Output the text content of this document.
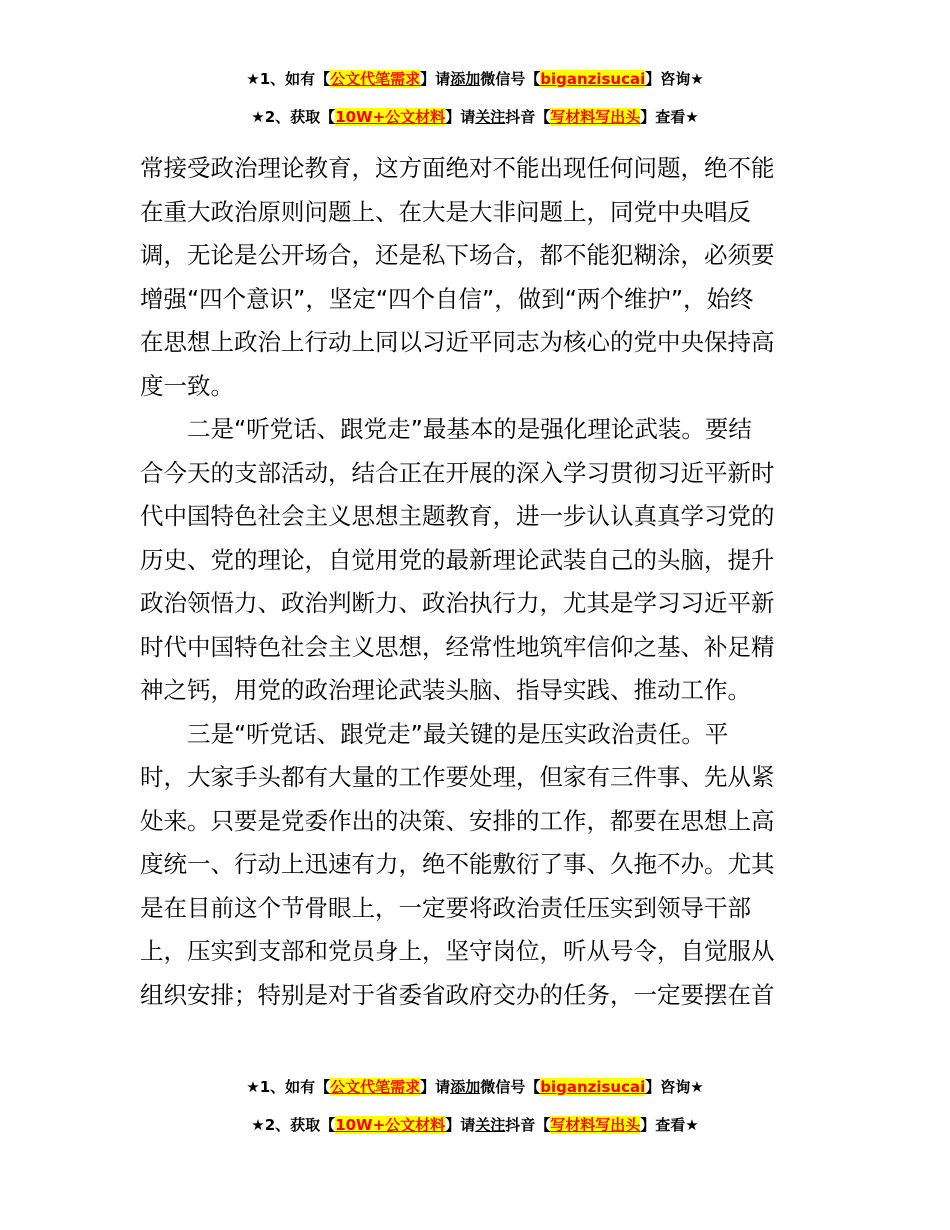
★1、如有【公文代笔需求】请添加微信号【biganzisucai】咨询★
★2、获取【10W+公文材料】请关注抖音【写材料写出头】查看★
常接受政治理论教育，这方面绝对不能出现任何问题，绝不能
在重大政治原则问题上、在大是大非问题上，同党中央唱反
调，无论是公开场合，还是私下场合，都不能犯糊涂，必须要
增强“四个意识”，坚定“四个自信”，做到“两个维护”，始终
在思想上政治上行动上同以习近平同志为核心的党中央保持高
度一致。
二是“听党话、跟党走”最基本的是强化理论武装。要结
合今天的支部活动，结合正在开展的深入学习贯彻习近平新时
代中国特色社会主义思想主题教育，进一步认认真真学习党的
历史、党的理论，自觉用党的最新理论武装自己的头脑，提升
政治领悟力、政治判断力、政治执行力，尤其是学习习近平新
时代中国特色社会主义思想，经常性地筑牢信仰之基、补足精
神之钙，用党的政治理论武装头脑、指导实践、推动工作。
三是“听党话、跟党走”最关键的是压实政治责任。平
时，大家手头都有大量的工作要处理，但家有三件事、先从紧
处来。只要是党委作出的决策、安排的工作，都要在思想上高
度统一、行动上迅速有力，绝不能敷衍了事、久拖不办。尤其
是在目前这个节骨眼上，一定要将政治责任压实到领导干部
上，压实到支部和党员身上，坚守岗位，听从号令，自觉服从
组织安排；特别是对于省委省政府交办的任务，一定要摆在首
★1、如有【公文代笔需求】请添加微信号【biganzisucai】咨询★
★2、获取【10W+公文材料】请关注抖音【写材料写出头】查看★
